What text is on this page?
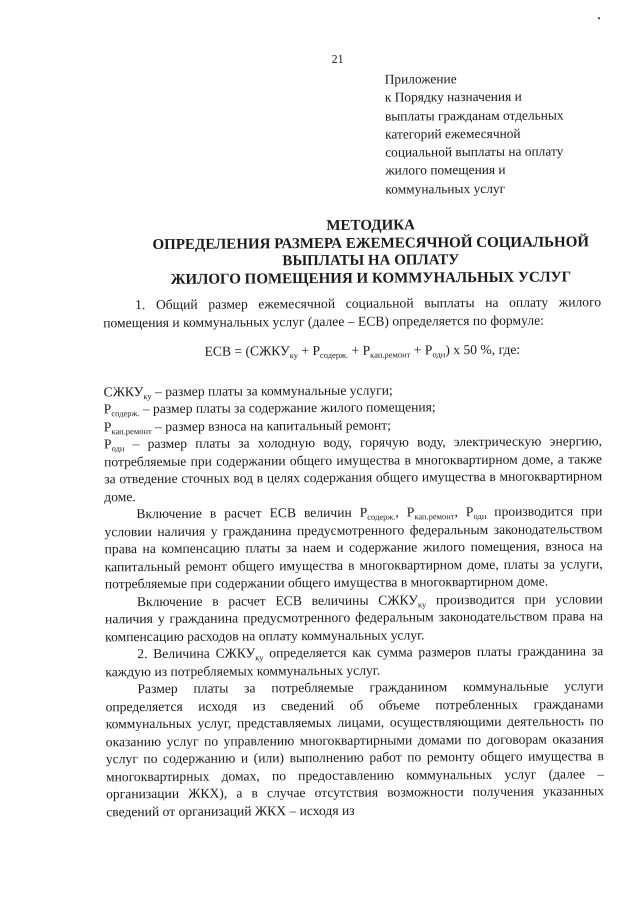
•
21
Приложение
к Порядку назначения и
выплаты гражданам отдельных
категорий ежемесячной
социальной выплаты на оплату
жилого помещения и
коммунальных услуг
МЕТОДИКА
ОПРЕДЕЛЕНИЯ РАЗМЕРА ЕЖЕМЕСЯЧНОЙ СОЦИАЛЬНОЙ
ВЫПЛАТЫ НА ОПЛАТУ
ЖИЛОГО ПОМЕЩЕНИЯ И КОММУНАЛЬНЫХ УСЛУГ

1. Общий размер ежемесячной социальной выплаты на оплату жилого помещения и коммунальных услуг (далее – ЕСВ) определяется по формуле:

ЕСВ = $(СЖКУ_{ку} + Р_{содерж.} + Р_{кап.ремонт} + Р_{одн})$ х 50 %, где:

$СЖКУ_{ку}$ – размер платы за коммунальные услуги;

$Р_{содерж.}$ – размер платы за содержание жилого помещения;

$Р_{кап.ремонт}$ – размер взноса на капитальный ремонт;

$Р_{одн}$ – размер платы за холодную воду, горячую воду, электрическую энергию, потребляемые при содержании общего имущества в многоквартирном доме, а также за отведение сточных вод в целях содержания общего имущества в многоквартирном доме.

Включение в расчет ЕСВ величин $Р_{содерж.}$, $Р_{кап.ремонт}$, $Р_{одн}$ производится при условии наличия у гражданина предусмотренного федеральным законодательством права на компенсацию платы за наем и содержание жилого помещения, взноса на капитальный ремонт общего имущества в многоквартирном доме, платы за услуги, потребляемые при содержании общего имущества в многоквартирном доме.

Включение в расчет ЕСВ величины $СЖКУ_{ку}$ производится при условии наличия у гражданина предусмотренного федеральным законодательством права на компенсацию расходов на оплату коммунальных услуг.

2. Величина $СЖКУ_{ку}$ определяется как сумма размеров платы гражданина за каждую из потребляемых коммунальных услуг.

Размер платы за потребляемые гражданином коммунальные услуги определяется исходя из сведений об объеме потребленных гражданами коммунальных услуг, представляемых лицами, осуществляющими деятельность по оказанию услуг по управлению многоквартирными домами по договорам оказания услуг по содержанию и (или) выполнению работ по ремонту общего имущества в многоквартирных домах, по предоставлению коммунальных услуг (далее – организации ЖКХ), а в случае отсутствия возможности получения указанных сведений от организаций ЖКХ – исходя из
